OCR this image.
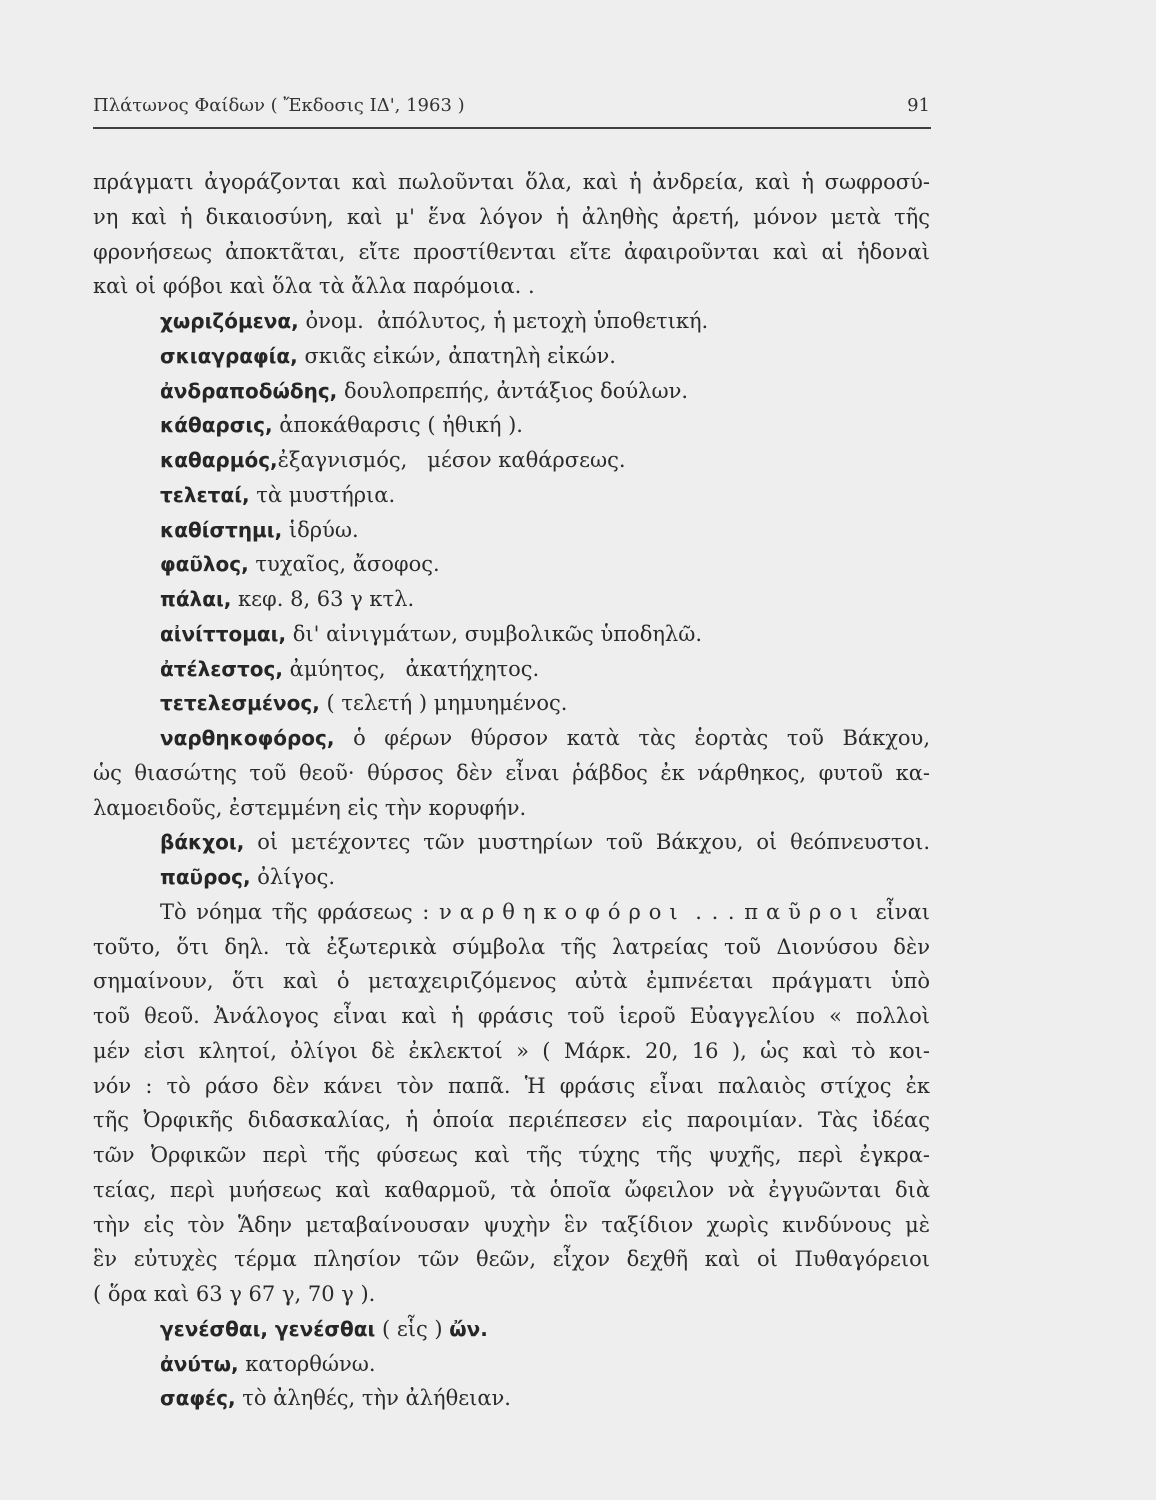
Πλάτωνος Φαίδων ( Ἔκδοσις ΙΔ', 1963 )	91
πράγματι ἀγοράζονται καὶ πωλοῦνται ὅλα, καὶ ἡ ἀνδρεία, καὶ ἡ σωφροσύ-
νη καὶ ἡ δικαιοσύνη, καὶ μ' ἕνα λόγον ἡ ἀληθὴς ἀρετή, μόνον μετὰ τῆς
φρονήσεως ἀποκτᾶται, εἴτε προστίθενται εἴτε ἀφαιροῦνται καὶ αἱ ἡδοναὶ
καὶ οἱ φόβοι καὶ ὅλα τὰ ἄλλα παρόμοια. .
χωριζόμενα, ὀνομ.  ἀπόλυτος, ἡ μετοχὴ ὑποθετική.
σκιαγραφία, σκιᾶς εἰκών, ἀπατηλὴ εἰκών.
ἀνδραποδώδης, δουλοπρεπής, ἀντάξιος δούλων.
κάθαρσις, ἀποκάθαρσις ( ἠθική ).
καθαρμός,ἐξαγνισμός,   μέσον καθάρσεως.
τελεταί, τὰ μυστήρια.
καθίστημι, ἱδρύω.
φαῦλος, τυχαῖος, ἄσοφος.
πάλαι, κεφ. 8, 63 γ κτλ.
αἰνίττομαι, δι' αἰνιγμάτων, συμβολικῶς ὑποδηλῶ.
ἀτέλεστος, ἀμύητος,   ἀκατήχητος.
τετελεσμένος, ( τελετή ) μημυημένος.
ναρθηκοφόρος, ὁ φέρων θύρσον κατὰ τὰς ἑορτὰς τοῦ Βάκχου,
ὡς θιασώτης τοῦ θεοῦ· θύρσος δὲν εἶναι ῥάβδος ἐκ νάρθηκος, φυτοῦ κα-
λαμοειδοῦς, ἐστεμμένη εἰς τὴν κορυφήν.
βάκχοι, οἱ μετέχοντες τῶν μυστηρίων τοῦ Βάκχου, οἱ θεόπνευστοι.
παῦρος, ὀλίγος.
Τὸ νόημα τῆς φράσεως : ναρθηκοφόροι . . . παῦροι εἶναι
τοῦτο, ὅτι δηλ. τὰ ἐξωτερικὰ σύμβολα τῆς λατρείας τοῦ Διονύσου δὲν
σημαίνουν, ὅτι καὶ ὁ μεταχειριζόμενος αὐτὰ ἐμπνέεται πράγματι ὑπὸ
τοῦ θεοῦ. Ἀνάλογος εἶναι καὶ ἡ φράσις τοῦ ἱεροῦ Εὐαγγελίου « πολλοὶ
μέν εἰσι κλητοί, ὀλίγοι δὲ ἐκλεκτοί » ( Μάρκ. 20, 16 ), ὡς καὶ τὸ κοι-
νόν : τὸ ράσο δὲν κάνει τὸν παπᾶ. Ἡ φράσις εἶναι παλαιὸς στίχος ἐκ
τῆς Ὀρφικῆς διδασκαλίας, ἡ ὁποία περιέπεσεν εἰς παροιμίαν. Τὰς ἰδέας
τῶν Ὀρφικῶν περὶ τῆς φύσεως καὶ τῆς τύχης τῆς ψυχῆς, περὶ ἐγκρα-
τείας, περὶ μυήσεως καὶ καθαρμοῦ, τὰ ὁποῖα ὤφειλον νὰ ἐγγυῶνται διὰ
τὴν εἰς τὸν Ἅδην μεταβαίνουσαν ψυχὴν ἓν ταξίδιον χωρὶς κινδύνους μὲ
ἓν εὐτυχὲς τέρμα πλησίον τῶν θεῶν, εἶχον δεχθῆ καὶ οἱ Πυθαγόρειοι
( ὅρα καὶ 63 γ 67 γ, 70 γ ).
γενέσθαι, γενέσθαι ( εἷς ) ὤν.
ἀνύτω, κατορθώνω.
σαφές, τὸ ἀληθές, τὴν ἀλήθειαν.
